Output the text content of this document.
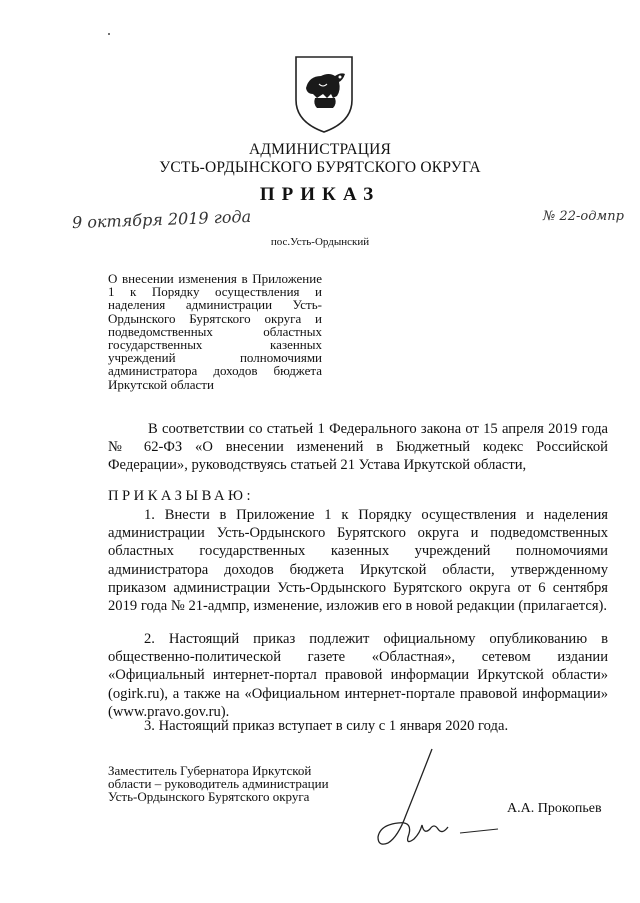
АДМИНИСТРАЦИЯ
УСТЬ-ОРДЫНСКОГО БУРЯТСКОГО ОКРУГА
ПРИКАЗ
9 октября 2019 года	№ 22-одмпр
пос.Усть-Ордынский
О внесении изменения в Приложение 1 к Порядку осуществления и наделения администрации Усть-Ордынского Бурятского округа и подведомственных областных государственных казенных учреждений полномочиями администратора доходов бюджета Иркутской области
В соответствии со статьей 1 Федерального закона от 15 апреля 2019 года № 62-ФЗ «О внесении изменений в Бюджетный кодекс Российской Федерации», руководствуясь статьей 21 Устава Иркутской области,
ПРИКАЗЫВАЮ:
1. Внести в Приложение 1 к Порядку осуществления и наделения администрации Усть-Ордынского Бурятского округа и подведомственных областных государственных казенных учреждений полномочиями администратора доходов бюджета Иркутской области, утвержденному приказом администрации Усть-Ордынского Бурятского округа от 6 сентября 2019 года № 21-адмпр, изменение, изложив его в новой редакции (прилагается).
2. Настоящий приказ подлежит официальному опубликованию в общественно-политической газете «Областная», сетевом издании «Официальный интернет-портал правовой информации Иркутской области» (ogirk.ru), а также на «Официальном интернет-портале правовой информации» (www.pravo.gov.ru).
3. Настоящий приказ вступает в силу с 1 января 2020 года.
Заместитель Губернатора Иркутской области – руководитель администрации Усть-Ордынского Бурятского округа
А.А. Прокопьев
